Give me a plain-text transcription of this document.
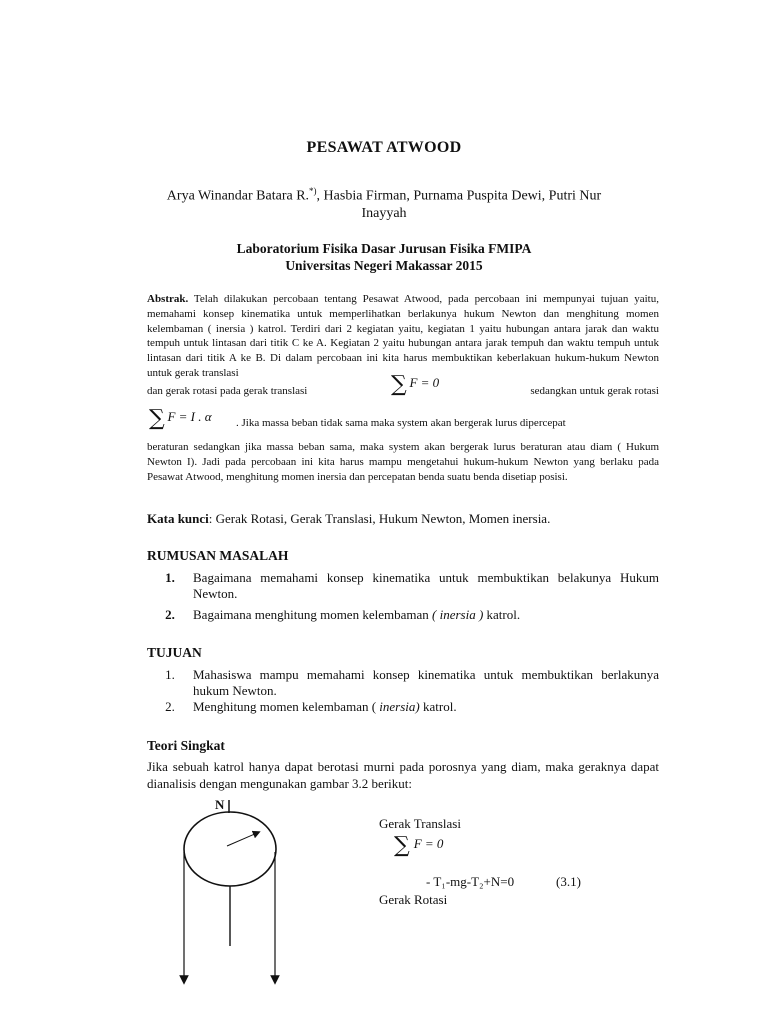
PESAWAT ATWOOD
Arya Winandar Batara R.*), Hasbia Firman, Purnama Puspita Dewi, Putri Nur
Inayyah
Laboratorium Fisika Dasar Jurusan Fisika FMIPA
Universitas Negeri Makassar 2015
Abstrak. Telah dilakukan percobaan tentang Pesawat Atwood, pada percobaan ini mempunyai tujuan yaitu, memahami konsep kinematika untuk memperlihatkan berlakunya hukum Newton dan menghitung momen kelembaman ( inersia ) katrol. Terdiri dari 2 kegiatan yaitu, kegiatan 1 yaitu hubungan antara jarak dan waktu tempuh untuk lintasan dari titik C ke A. Kegiatan 2 yaitu hubungan antara jarak tempuh dan waktu tempuh untuk lintasan dari titik A ke B. Di dalam percobaan ini kita harus membuktikan keberlakuan hukum-hukum Newton untuk gerak translasi
dan gerak rotasi pada gerak translasi	∑ F = 0
sedangkan untuk gerak rotasi
∑ F = I . α . Jika massa beban tidak sama maka system akan bergerak lurus dipercepat
beraturan sedangkan jika massa beban sama, maka system akan bergerak lurus beraturan atau diam ( Hukum Newton I). Jadi pada percobaan ini kita harus mampu mengetahui hukum-hukum Newton yang berlaku pada Pesawat Atwood, menghitung momen inersia dan percepatan benda suatu benda disetiap posisi.
Kata kunci: Gerak Rotasi, Gerak Translasi, Hukum Newton, Momen inersia.
RUMUSAN MASALAH
1.	Bagaimana memahami konsep kinematika untuk membuktikan belakunya Hukum Newton.
2.	Bagaimana menghitung momen kelembaman ( inersia ) katrol.
TUJUAN
1.	Mahasiswa mampu memahami konsep kinematika untuk membuktikan berlakunya hukum Newton.
2.	Menghitung momen kelembaman ( inersia) katrol.
Teori Singkat
Jika sebuah katrol hanya dapat berotasi murni pada porosnya yang diam, maka geraknya dapat dianalisis dengan mengunakan gambar 3.2 berikut:
N
Gerak Translasi
∑ F = 0
- T₁-mg-T₂+N=0	(3.1)
Gerak Rotasi
